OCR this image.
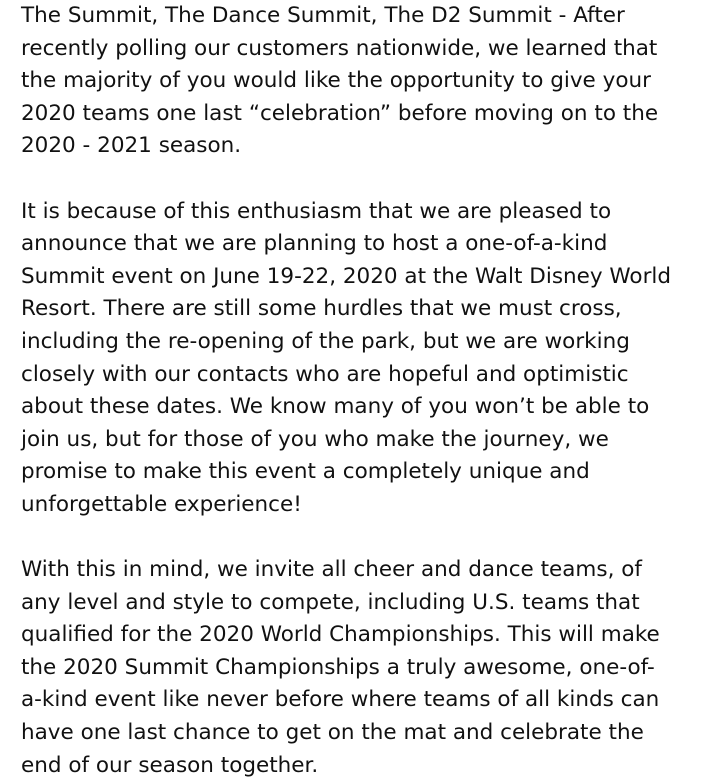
The Summit, The Dance Summit, The D2 Summit - After
recently polling our customers nationwide, we learned that
the majority of you would like the opportunity to give your
2020 teams one last “celebration” before moving on to the
2020 - 2021 season.
It is because of this enthusiasm that we are pleased to
announce that we are planning to host a one-of-a-kind
Summit event on June 19-22, 2020 at the Walt Disney World
Resort. There are still some hurdles that we must cross,
including the re-opening of the park, but we are working
closely with our contacts who are hopeful and optimistic
about these dates. We know many of you won’t be able to
join us, but for those of you who make the journey, we
promise to make this event a completely unique and
unforgettable experience!
With this in mind, we invite all cheer and dance teams, of
any level and style to compete, including U.S. teams that
qualified for the 2020 World Championships. This will make
the 2020 Summit Championships a truly awesome, one-of-
a-kind event like never before where teams of all kinds can
have one last chance to get on the mat and celebrate the
end of our season together.
